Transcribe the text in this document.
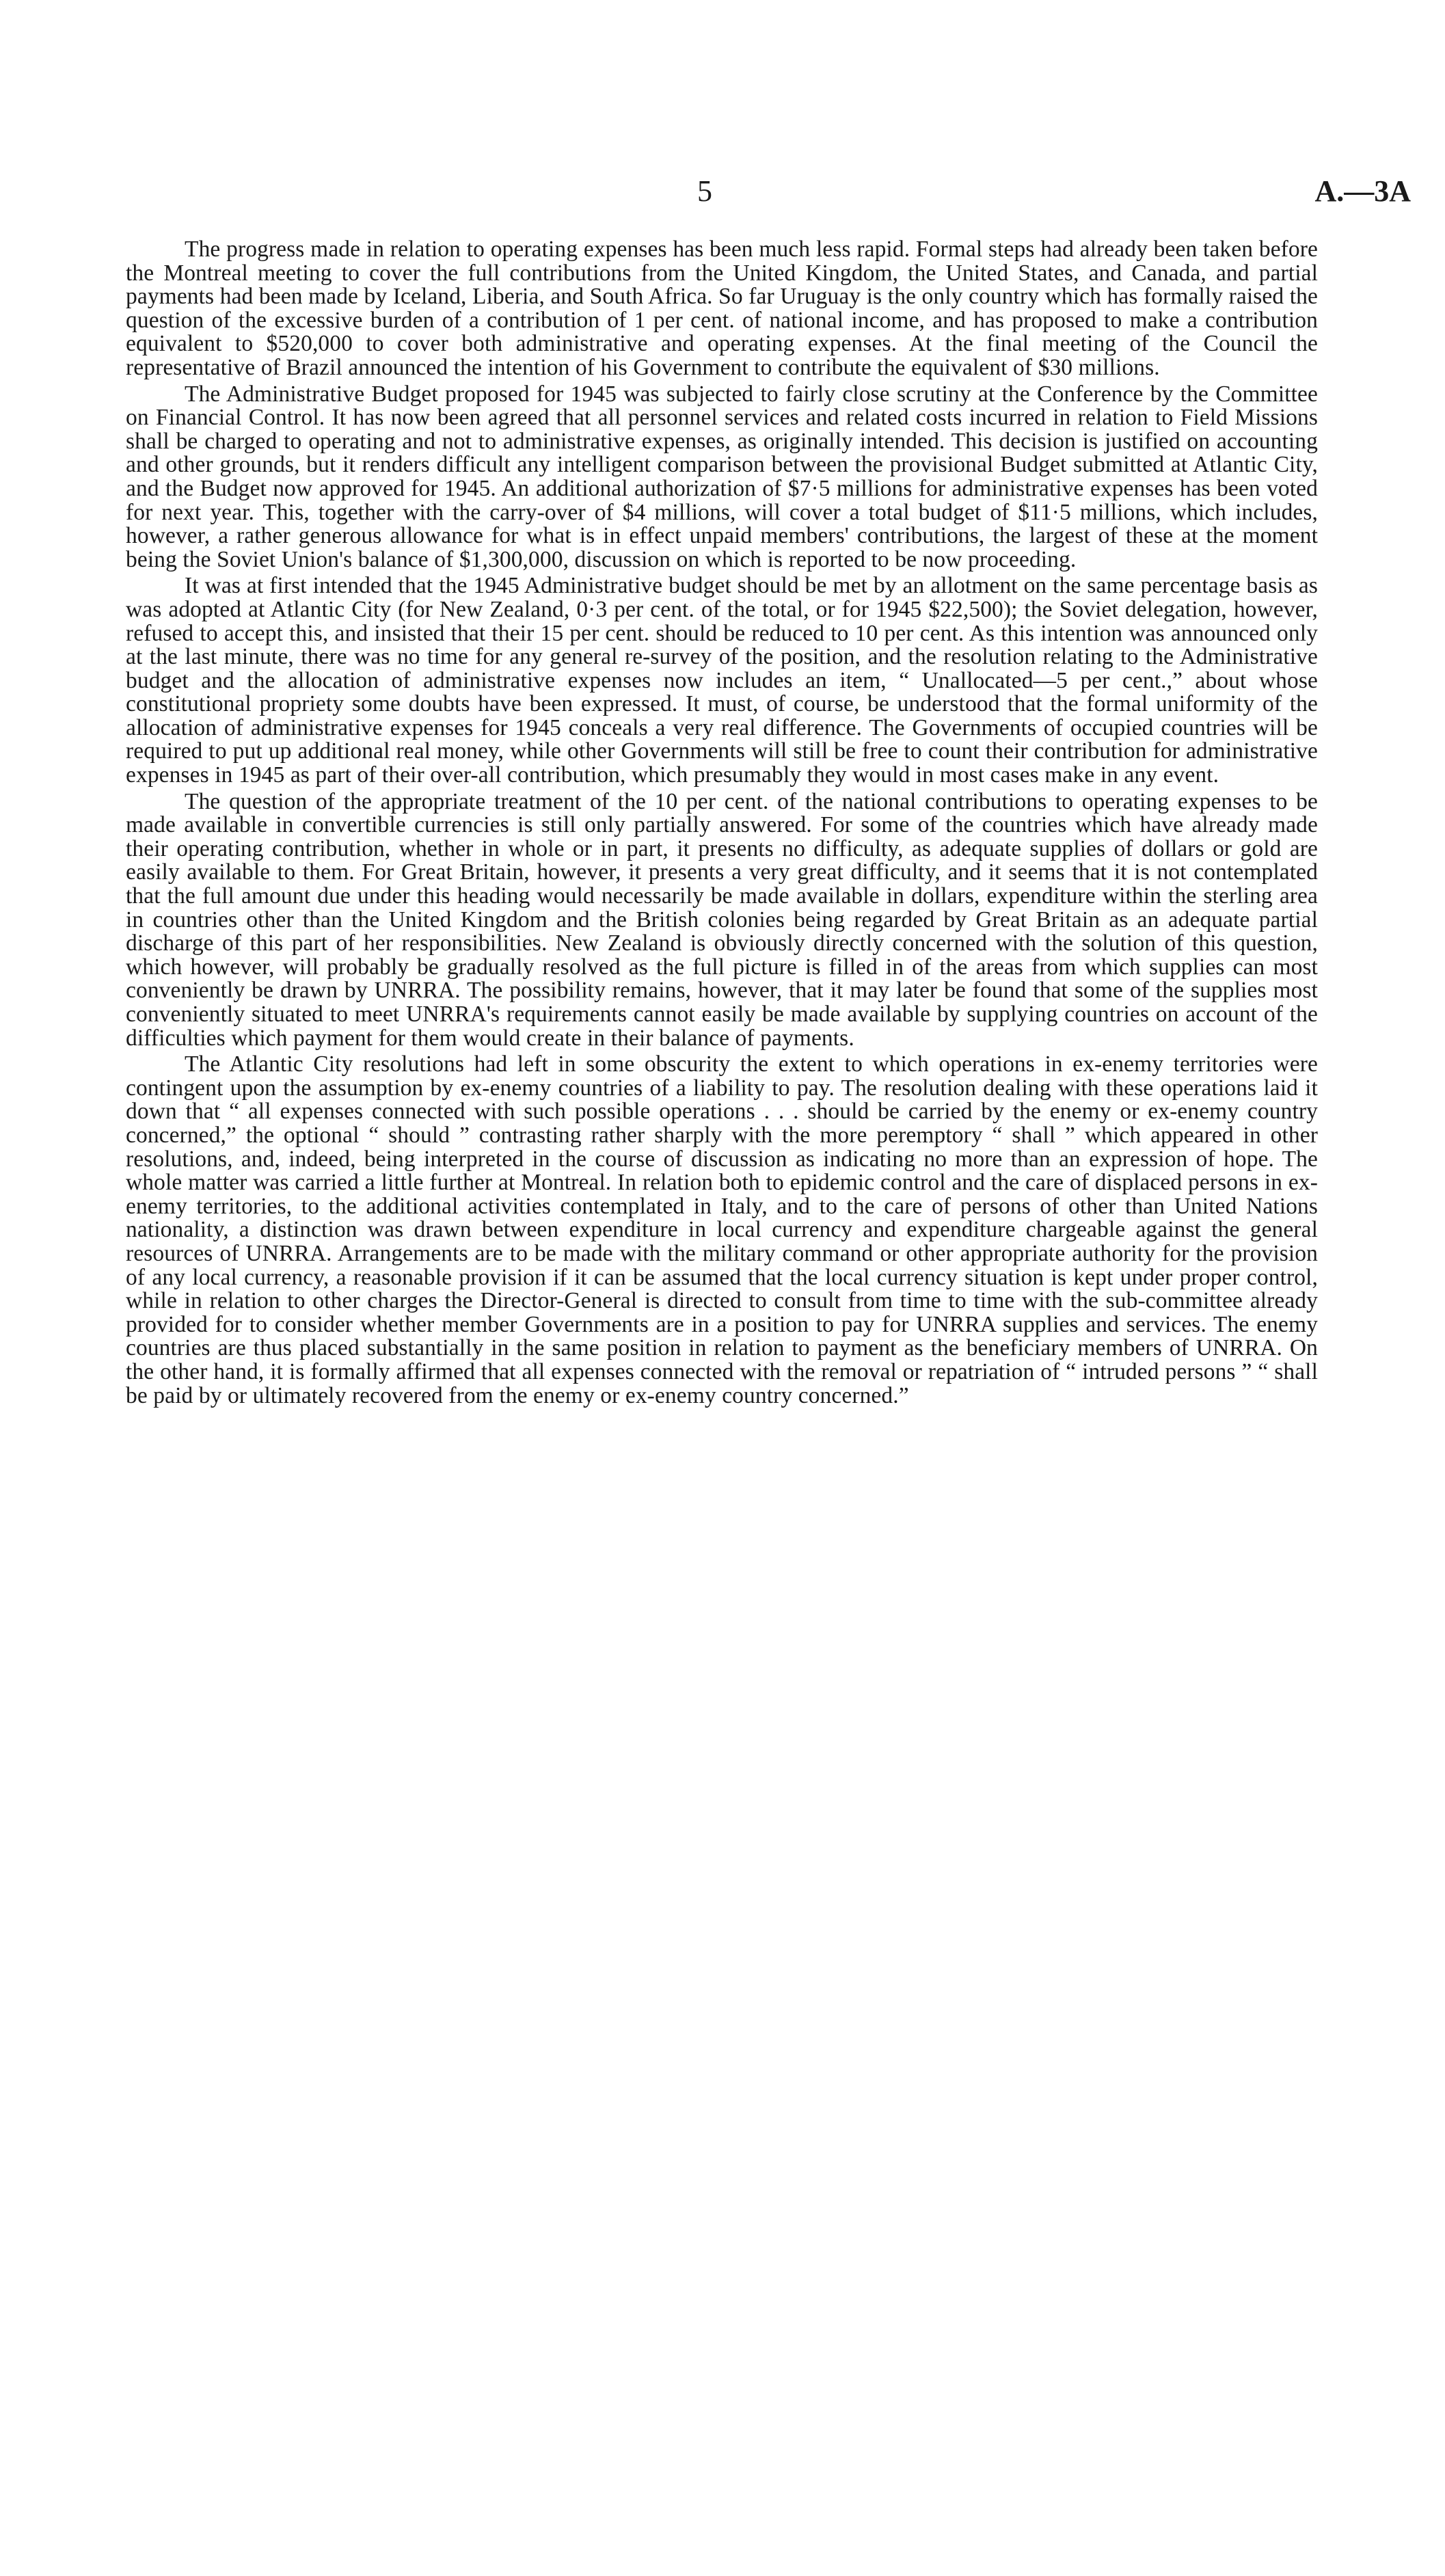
5	A.—3A

The progress made in relation to operating expenses has been much less rapid. Formal steps had already been taken before the Montreal meeting to cover the full contributions from the United Kingdom, the United States, and Canada, and partial payments had been made by Iceland, Liberia, and South Africa. So far Uruguay is the only country which has formally raised the question of the excessive burden of a contribution of 1 per cent. of national income, and has proposed to make a contribution equivalent to $520,000 to cover both administrative and operating expenses. At the final meeting of the Council the representative of Brazil announced the intention of his Government to contribute the equivalent of $30 millions.

The Administrative Budget proposed for 1945 was subjected to fairly close scrutiny at the Conference by the Committee on Financial Control. It has now been agreed that all personnel services and related costs incurred in relation to Field Missions shall be charged to operating and not to administrative expenses, as originally intended. This decision is justified on accounting and other grounds, but it renders difficult any intelligent comparison between the provisional Budget submitted at Atlantic City, and the Budget now approved for 1945. An additional authorization of $7·5 millions for administrative expenses has been voted for next year. This, together with the carry-over of $4 millions, will cover a total budget of $11·5 millions, which includes, however, a rather generous allowance for what is in effect unpaid members' contributions, the largest of these at the moment being the Soviet Union's balance of $1,300,000, discussion on which is reported to be now proceeding.

It was at first intended that the 1945 Administrative budget should be met by an allotment on the same percentage basis as was adopted at Atlantic City (for New Zealand, 0·3 per cent. of the total, or for 1945 $22,500); the Soviet delegation, however, refused to accept this, and insisted that their 15 per cent. should be reduced to 10 per cent. As this intention was announced only at the last minute, there was no time for any general re-survey of the position, and the resolution relating to the Administrative budget and the allocation of administrative expenses now includes an item, “ Unallocated—5 per cent.,” about whose constitutional propriety some doubts have been expressed. It must, of course, be understood that the formal uniformity of the allocation of administrative expenses for 1945 conceals a very real difference. The Governments of occupied countries will be required to put up additional real money, while other Governments will still be free to count their contribution for administrative expenses in 1945 as part of their over-all contribution, which presumably they would in most cases make in any event.

The question of the appropriate treatment of the 10 per cent. of the national contributions to operating expenses to be made available in convertible currencies is still only partially answered. For some of the countries which have already made their operating contribution, whether in whole or in part, it presents no difficulty, as adequate supplies of dollars or gold are easily available to them. For Great Britain, however, it presents a very great difficulty, and it seems that it is not contemplated that the full amount due under this heading would necessarily be made available in dollars, expenditure within the sterling area in countries other than the United Kingdom and the British colonies being regarded by Great Britain as an adequate partial discharge of this part of her responsibilities. New Zealand is obviously directly concerned with the solution of this question, which however, will probably be gradually resolved as the full picture is filled in of the areas from which supplies can most conveniently be drawn by UNRRA. The possibility remains, however, that it may later be found that some of the supplies most conveniently situated to meet UNRRA's requirements cannot easily be made available by supplying countries on account of the difficulties which payment for them would create in their balance of payments.

The Atlantic City resolutions had left in some obscurity the extent to which operations in ex-enemy territories were contingent upon the assumption by ex-enemy countries of a liability to pay. The resolution dealing with these operations laid it down that “ all expenses connected with such possible operations . . . should be carried by the enemy or ex-enemy country concerned,” the optional “ should ” contrasting rather sharply with the more peremptory “ shall ” which appeared in other resolutions, and, indeed, being interpreted in the course of discussion as indicating no more than an expression of hope. The whole matter was carried a little further at Montreal. In relation both to epidemic control and the care of displaced persons in ex-enemy territories, to the additional activities contemplated in Italy, and to the care of persons of other than United Nations nationality, a distinction was drawn between expenditure in local currency and expenditure chargeable against the general resources of UNRRA. Arrangements are to be made with the military command or other appropriate authority for the provision of any local currency, a reasonable provision if it can be assumed that the local currency situation is kept under proper control, while in relation to other charges the Director-General is directed to consult from time to time with the sub-committee already provided for to consider whether member Governments are in a position to pay for UNRRA supplies and services. The enemy countries are thus placed substantially in the same position in relation to payment as the beneficiary members of UNRRA. On the other hand, it is formally affirmed that all expenses connected with the removal or repatriation of “ intruded persons ” “ shall be paid by or ultimately recovered from the enemy or ex-enemy country concerned.”
